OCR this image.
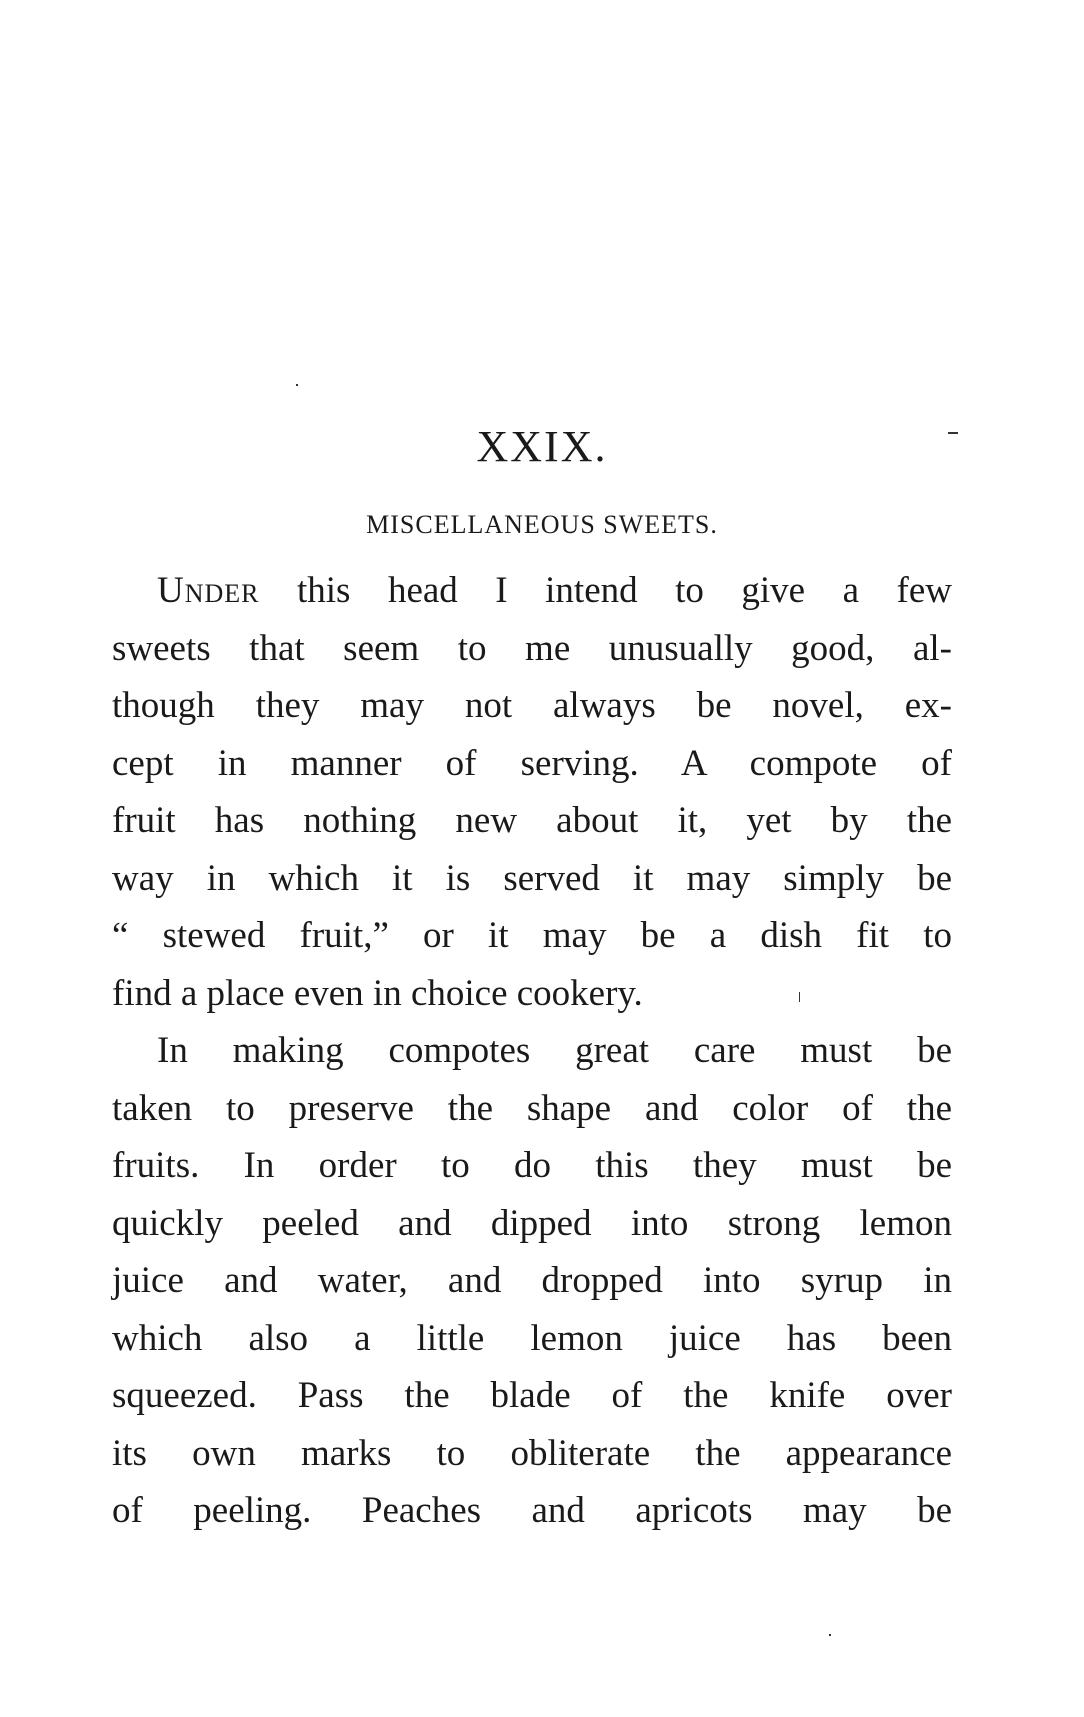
XXIX.
MISCELLANEOUS SWEETS.
Under this head I intend to give a few
sweets that seem to me unusually good, al-
though they may not always be novel, ex-
cept in manner of serving. A compote of
fruit has nothing new about it, yet by the
way in which it is served it may simply be
“ stewed fruit,” or it may be a dish fit to
find a place even in choice cookery.
In making compotes great care must be
taken to preserve the shape and color of the
fruits. In order to do this they must be
quickly peeled and dipped into strong lemon
juice and water, and dropped into syrup in
which also a little lemon juice has been
squeezed. Pass the blade of the knife over
its own marks to obliterate the appearance
of peeling. Peaches and apricots may be
